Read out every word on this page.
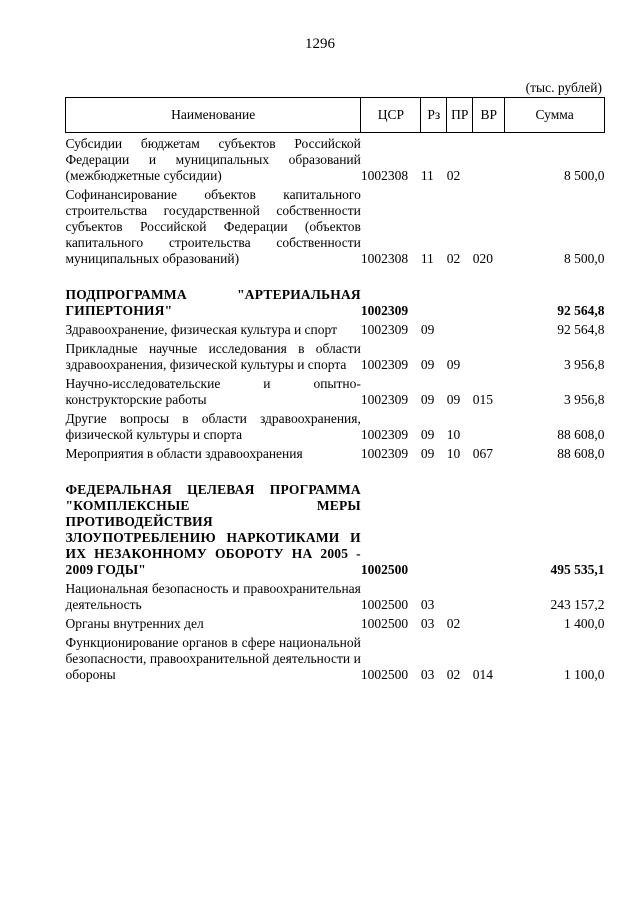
1296
(тыс. рублей)
Наименование	ЦСР	Рз	ПР	ВР	Сумма
Субсидии бюджетам субъектов Российской Федерации и муниципальных образований (межбюджетные субсидии)	1002308	11	02		8 500,0
Софинансирование объектов капитального строительства государственной собственности субъектов Российской Федерации (объектов капитального строительства собственности муниципальных образований)	1002308	11	02	020	8 500,0
ПОДПРОГРАММА "АРТЕРИАЛЬНАЯ ГИПЕРТОНИЯ"	1002309				92 564,8
Здравоохранение, физическая культура и спорт	1002309	09			92 564,8
Прикладные научные исследования в области здравоохранения, физической культуры и спорта	1002309	09	09		3 956,8
Научно-исследовательские и опытно-конструкторские работы	1002309	09	09	015	3 956,8
Другие вопросы в области здравоохранения, физической культуры и спорта	1002309	09	10		88 608,0
Мероприятия в области здравоохранения	1002309	09	10	067	88 608,0
ФЕДЕРАЛЬНАЯ ЦЕЛЕВАЯ ПРОГРАММА "КОМПЛЕКСНЫЕ МЕРЫ ПРОТИВОДЕЙСТВИЯ ЗЛОУПОТРЕБЛЕНИЮ НАРКОТИКАМИ И ИХ НЕЗАКОННОМУ ОБОРОТУ НА 2005 - 2009 ГОДЫ"	1002500				495 535,1
Национальная безопасность и правоохранительная деятельность	1002500	03			243 157,2
Органы внутренних дел	1002500	03	02		1 400,0
Функционирование органов в сфере национальной безопасности, правоохранительной деятельности и обороны	1002500	03	02	014	1 100,0
